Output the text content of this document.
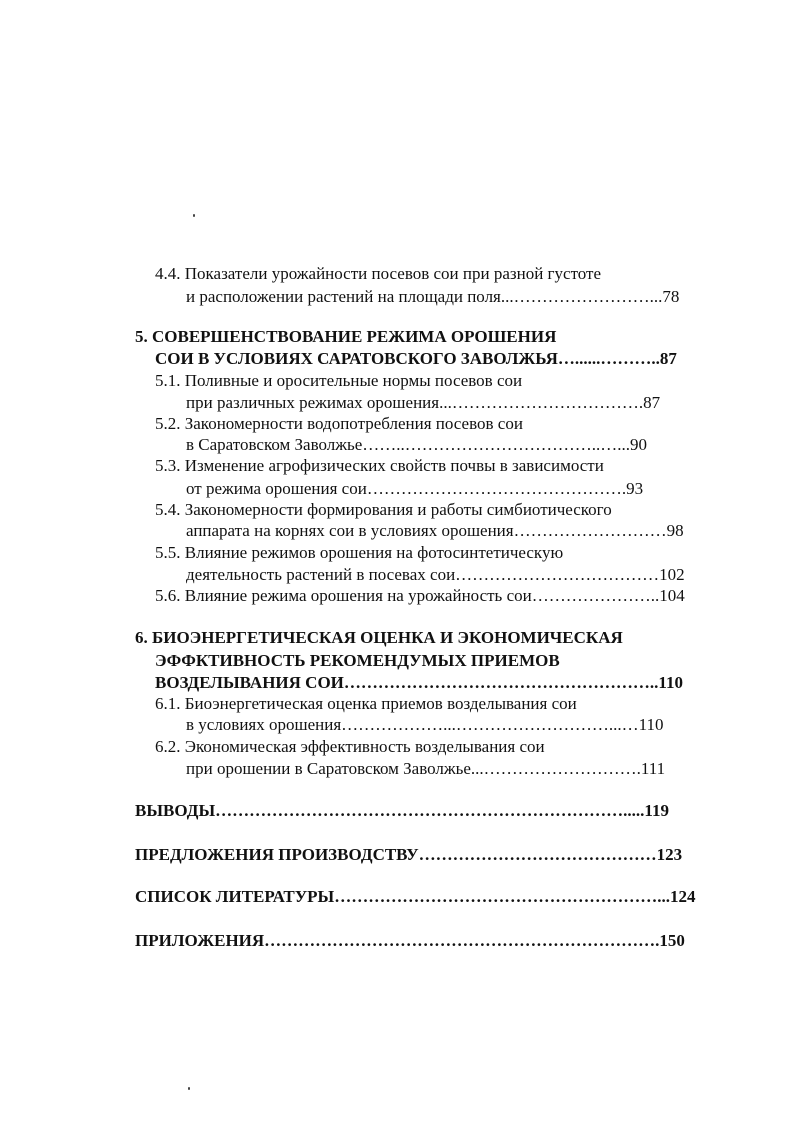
4.4. Показатели урожайности посевов сои при разной густоте
и расположении растений на площади поля...……………………...78
5. СОВЕРШЕНСТВОВАНИЕ РЕЖИМА ОРОШЕНИЯ
СОИ В УСЛОВИЯХ САРАТОВСКОГО ЗАВОЛЖЬЯ…......………..87
5.1. Поливные и оросительные нормы посевов сои
при различных режимах орошения...…………………………….87
5.2. Закономерности водопотребления посевов сои
в Саратовском Заволжье……..……………………………..…...90
5.3. Изменение агрофизических свойств почвы в зависимости
от режима орошения сои……………………………………….93
5.4. Закономерности формирования и работы симбиотического
аппарата на корнях сои в условиях орошения………………………98
5.5. Влияние режимов орошения на фотосинтетическую
деятельность растений в посевах сои………………………………102
5.6. Влияние режима орошения на урожайность сои…………………..104
6. БИОЭНЕРГЕТИЧЕСКАЯ ОЦЕНКА И ЭКОНОМИЧЕСКАЯ
ЭФФКТИВНОСТЬ РЕКОМЕНДУМЫХ ПРИЕМОВ
ВОЗДЕЛЫВАНИЯ СОИ………………………………………………..110
6.1. Биоэнергетическая оценка приемов возделывания сои
в условиях орошения………………...………………………...…110
6.2. Экономическая эффективность возделывания сои
при орошении в Саратовском Заволжье...……………………….111
ВЫВОДЫ……………………………………………………………….....119
ПРЕДЛОЖЕНИЯ ПРОИЗВОДСТВУ……………………………………123
СПИСОК ЛИТЕРАТУРЫ…………………………………………………...124
ПРИЛОЖЕНИЯ…………………………………………………………….150
